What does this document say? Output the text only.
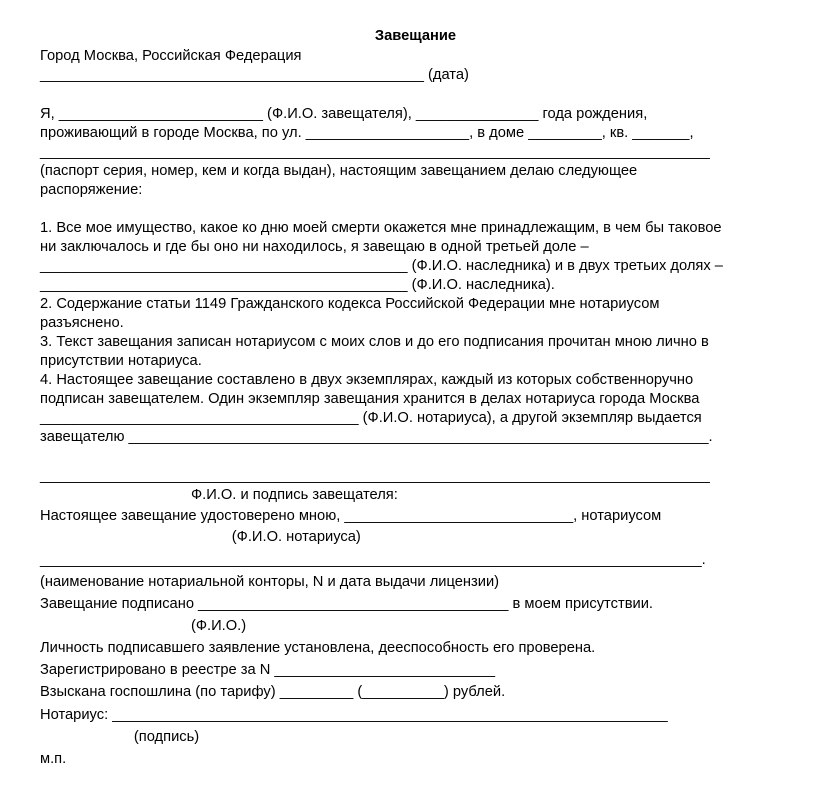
Завещание
Город Москва, Российская Федерация
_______________________________________________ (дата)
Я, _________________________ (Ф.И.О. завещателя), _______________ года рождения,
проживающий в городе Москва, по ул. ____________________, в доме _________, кв. _______,
__________________________________________________________________________________
(паспорт серия, номер, кем и когда выдан), настоящим завещанием делаю следующее
распоряжение:
1. Все мое имущество, какое ко дню моей смерти окажется мне принадлежащим, в чем бы таковое
ни заключалось и где бы оно ни находилось, я завещаю в одной третьей доле –
_____________________________________________ (Ф.И.О. наследника) и в двух третьих долях –
_____________________________________________ (Ф.И.О. наследника).
2. Содержание статьи 1149 Гражданского кодекса Российской Федерации мне нотариусом
разъяснено.
3. Текст завещания записан нотариусом с моих слов и до его подписания прочитан мною лично в
присутствии нотариуса.
4. Настоящее завещание составлено в двух экземплярах, каждый из которых собственноручно
подписан завещателем. Один экземпляр завещания хранится в делах нотариуса города Москва
_______________________________________ (Ф.И.О. нотариуса), а другой экземпляр выдается
завещателю _______________________________________________________________________.
__________________________________________________________________________________
Ф.И.О. и подпись завещателя:
Настоящее завещание удостоверено мною, ____________________________, нотариусом
(Ф.И.О. нотариуса)
_________________________________________________________________________________.
(наименование нотариальной конторы, N и дата выдачи лицензии)
Завещание подписано ______________________________________ в моем присутствии.
(Ф.И.О.)
Личность подписавшего заявление установлена, дееспособность его проверена.
Зарегистрировано в реестре за N ___________________________
Взыскана госпошлина (по тарифу) _________ (__________) рублей.
Нотариус: ____________________________________________________________________
(подпись)
м.п.
